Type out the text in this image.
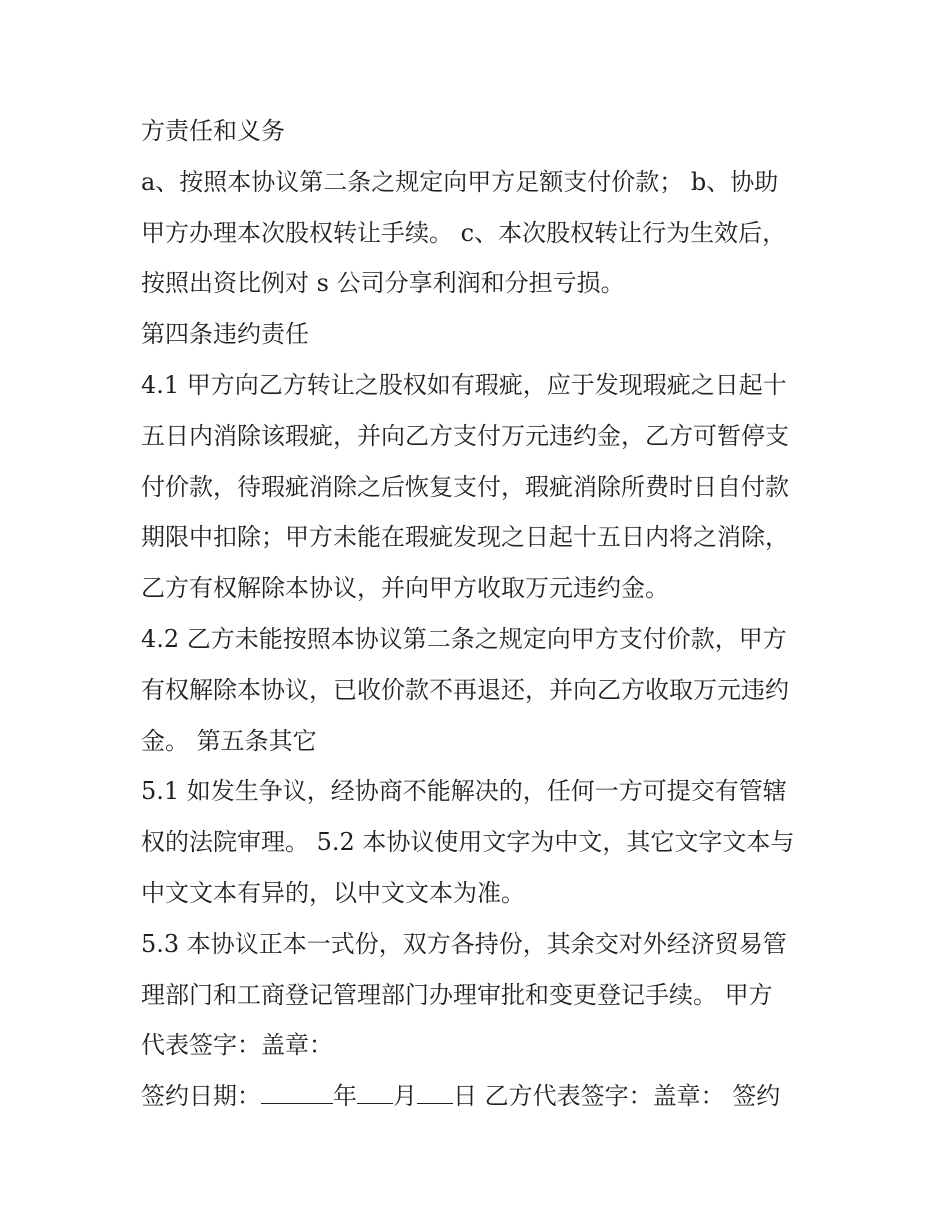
方责任和义务
a、按照本协议第二条之规定向甲方足额支付价款； b、协助
甲方办理本次股权转让手续。 c、本次股权转让行为生效后，
按照出资比例对 s 公司分享利润和分担亏损。
第四条违约责任
4.1 甲方向乙方转让之股权如有瑕疵，应于发现瑕疵之日起十
五日内消除该瑕疵，并向乙方支付万元违约金，乙方可暂停支
付价款，待瑕疵消除之后恢复支付，瑕疵消除所费时日自付款
期限中扣除；甲方未能在瑕疵发现之日起十五日内将之消除，
乙方有权解除本协议，并向甲方收取万元违约金。
4.2 乙方未能按照本协议第二条之规定向甲方支付价款，甲方
有权解除本协议，已收价款不再退还，并向乙方收取万元违约
金。 第五条其它
5.1 如发生争议，经协商不能解决的，任何一方可提交有管辖
权的法院审理。 5.2 本协议使用文字为中文，其它文字文本与
中文文本有异的，以中文文本为准。
5.3 本协议正本一式份，双方各持份，其余交对外经济贸易管
理部门和工商登记管理部门办理审批和变更登记手续。 甲方
代表签字：盖章：
签约日期：	年 月 日 乙方代表签字：盖章： 签约
